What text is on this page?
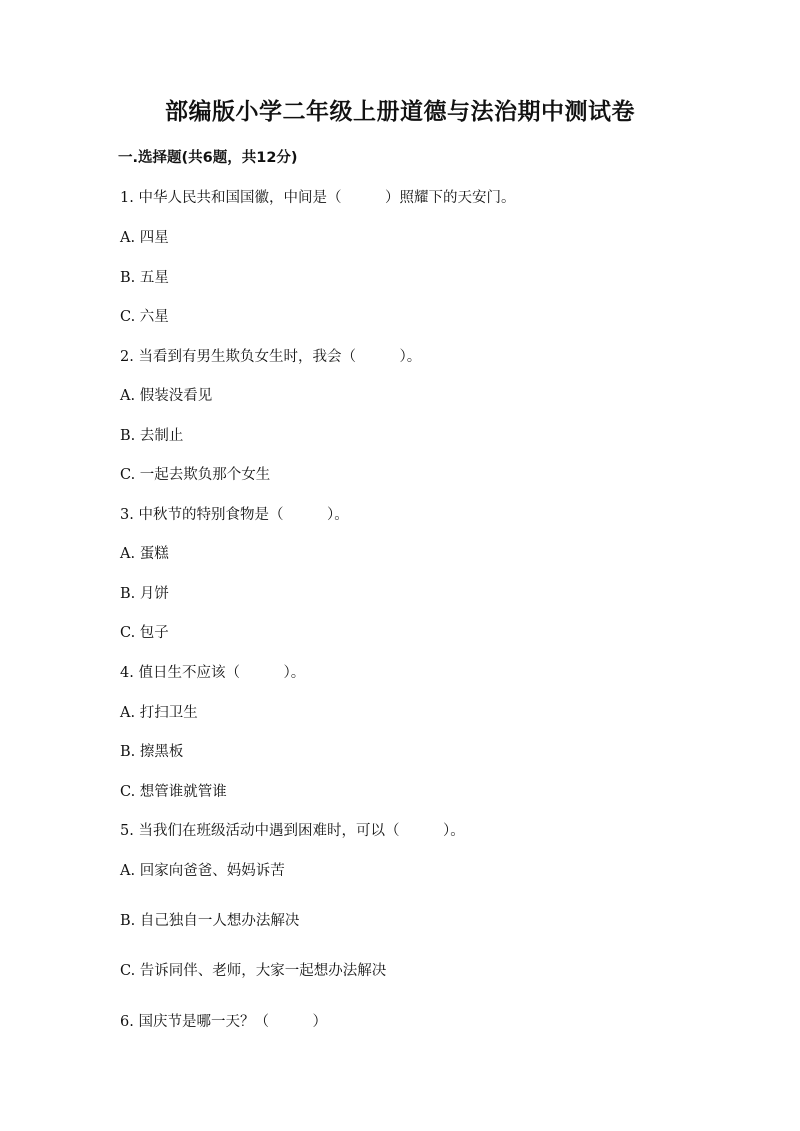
部编版小学二年级上册道德与法治期中测试卷
一.选择题(共6题，共12分)
1. 中华人民共和国国徽，中间是（　　　）照耀下的天安门。
A. 四星
B. 五星
C. 六星
2. 当看到有男生欺负女生时，我会（　　　）。
A. 假装没看见
B. 去制止
C. 一起去欺负那个女生
3. 中秋节的特别食物是（　　　）。
A. 蛋糕
B. 月饼
C. 包子
4. 值日生不应该（　　　）。
A. 打扫卫生
B. 擦黑板
C. 想管谁就管谁
5. 当我们在班级活动中遇到困难时，可以（　　　）。
A. 回家向爸爸、妈妈诉苦
B. 自己独自一人想办法解决
C. 告诉同伴、老师，大家一起想办法解决
6. 国庆节是哪一天？（　　　）
